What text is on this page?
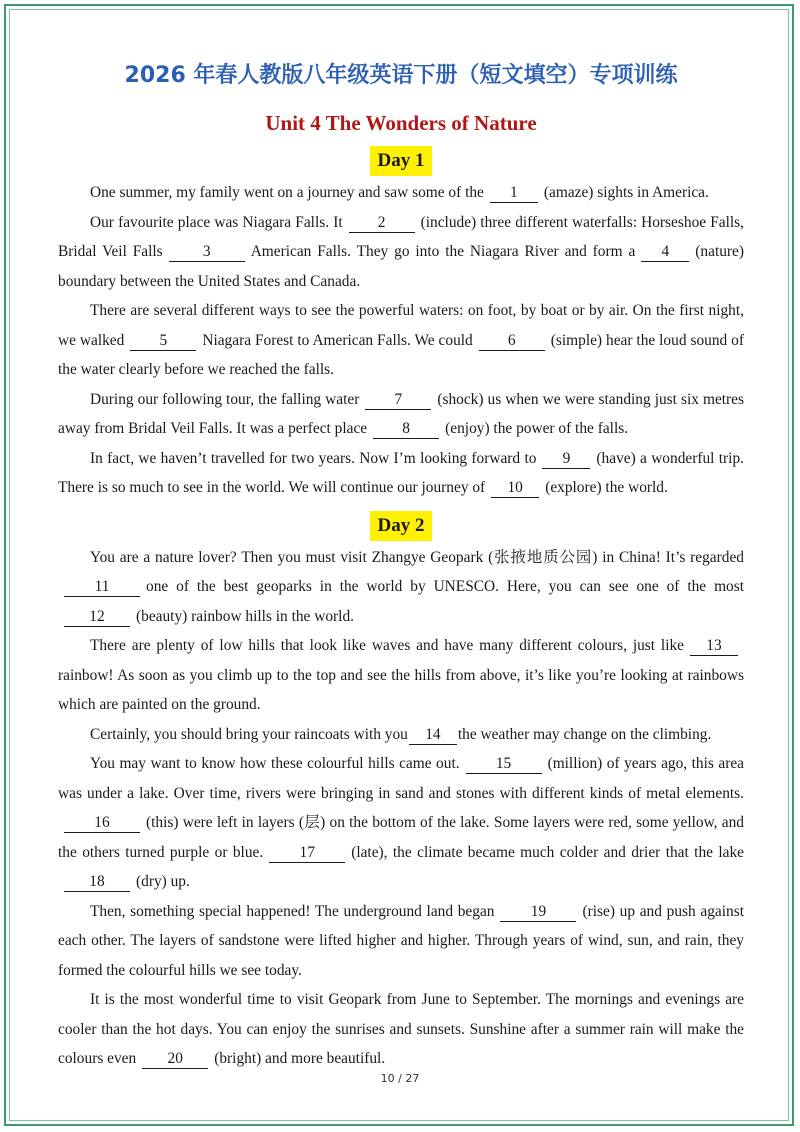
2026 年春人教版八年级英语下册（短文填空）专项训练
Unit 4 The Wonders of Nature
Day 1

One summer, my family went on a journey and saw some of the 1 (amaze) sights in America.

Our favourite place was Niagara Falls. It 2 (include) three different waterfalls: Horseshoe Falls, Bridal Veil Falls	3	American Falls. They go into the Niagara River and form a 4 (nature) boundary between the United States and Canada.

There are several different ways to see the powerful waters: on foot, by boat or by air. On the first night, we walked 5 Niagara Forest to American Falls. We could 6 (simple) hear the loud sound of the water clearly before we reached the falls.

During our following tour, the falling water 7 (shock) us when we were standing just six metres away from Bridal Veil Falls. It was a perfect place 8 (enjoy) the power of the falls.

In fact, we haven’t travelled for two years. Now I’m looking forward to 9 (have) a wonderful trip. There is so much to see in the world. We will continue our journey of 10 (explore) the world.

Day 2

You are a nature lover? Then you must visit Zhangye Geopark (张掖地质公园) in China! It’s regarded11 one of the best geoparks in the world by UNESCO. Here, you can see one of the most12 (beauty) rainbow hills in the world.

There are plenty of low hills that look like waves and have many different colours, just like 13rainbow! As soon as you climb up to the top and see the hills from above, it’s like you’re looking at rainbows which are painted on the ground.

Certainly, you should bring your raincoats with you 14 the weather may change on the climbing.

You may want to know how these colourful hills came out. 15 (million) of years ago, this area was under a lake. Over time, rivers were bringing in sand and stones with different kinds of metal elements.16 (this) were left in layers (层) on the bottom of the lake. Some layers were red, some yellow, and the others turned purple or blue. 17 (late), the climate became much colder and drier that the lake18 (dry) up.

Then, something special happened! The underground land began 19 (rise) up and push against each other. The layers of sandstone were lifted higher and higher. Through years of wind, sun, and rain, they formed the colourful hills we see today.

It is the most wonderful time to visit Geopark from June to September. The mornings and evenings are cooler than the hot days. You can enjoy the sunrises and sunsets. Sunshine after a summer rain will make the colours even 20 (bright) and more beautiful.

10 / 27
